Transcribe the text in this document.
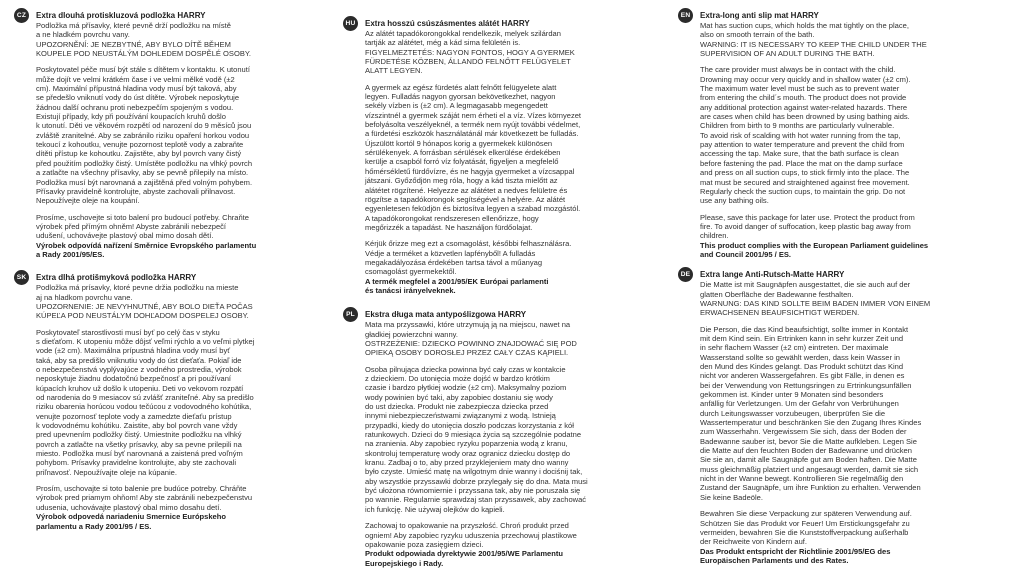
CZ	Extra dlouhá protiskluzová podložka HARRY
Podložka má přísavky, které pevně drží podložku na místě
a ne hladkém povrchu vany.
UPOZORNĚNÍ: JE NEZBYTNÉ, ABY BYLO DÍTĚ BĚHEM
KOUPELE POD NEUSTÁLÝM DOHLEDEM DOSPĚLÉ OSOBY.
Poskytovatel péče musí být stále s dítětem v kontaktu. K utonutí
může dojít ve velmi krátkém čase i ve velmi mělké vodě (±2
cm). Maximální přípustná hladina vody musí být taková, aby
se předešlo vniknutí vody do úst dítěte. Výrobek neposkytuje
žádnou další ochranu proti nebezpečím spojeným s vodou.
Existují případy, kdy při používání koupacích kruhů došlo
k utonutí. Děti ve věkovém rozpětí od narození do 9 měsíců jsou
zvláště zranitelné. Aby se zabránilo riziku opaření horkou vodou
tekoucí z kohoutku, venujte pozornost teplotě vody a zabraňte
dítěti přístup ke kohoutku. Zajistěte, aby byl povrch vany čistý
před použitím podložky čistý. Umístěte podložku na vlhký povrch
a zatlačte na všechny přísavky, aby se pevně přilepily na místo.
Podložka musí být narovnaná a zajištěná před volným pohybem.
Přísavky pravidelně kontrolujte, abyste zachovali přilnavost.
Nepoužívejte oleje na koupání.
Prosíme, uschovejte si toto balení pro budoucí potřeby. Chraňte
výrobek před přímým ohněm! Abyste zabránili nebezpečí
udušení, uchovávejte plastový obal mimo dosah dětí.
Výrobek odpovídá nařízení Směrnice Evropského parlamentu
a Rady 2001/95/ES.
SK	Extra dlhá protišmyková podložka HARRY
Podložka má prísavky, ktoré pevne držia podložku na mieste
aj na hladkom povrchu vane.
UPOZORNENIE: JE NEVYHNUTNÉ, ABY BOLO DIEŤA POČAS
KÚPEĽA POD NEUSTÁLYM DOHĽADOM DOSPELEJ OSOBY.
Poskytovateľ starostlivosti musí byť po celý čas v styku
s dieťaťom. K utopeniu môže dôjsť veľmi rýchlo a vo veľmi plytkej
vode (±2 cm). Maximálna prípustná hladina vody musí byť
taká, aby sa predišlo vniknutiu vody do úst dieťaťa. Pokiaľ ide
o nebezpečenstvá vyplývajúce z vodného prostredia, výrobok
neposkytuje žiadnu dodatočnú bezpečnosť a pri používaní
kúpacích kruhov už došlo k utopeniu. Deti vo vekovom rozpätí
od narodenia do 9 mesiacov sú zvlášť zraniteľné. Aby sa predišlo
riziku obarenia horúcou vodou tečúcou z vodovodného kohútika,
venujte pozornosť teplote vody a zamedzte dieťaťu prístup
k vodovodnému kohútiku. Zaistite, aby bol povrch vane vždy
pred upevnením podložky čistý. Umiestnite podložku na vlhký
povrch a zatlačte na všetky prísavky, aby sa pevne prilepili na
miesto. Podložka musí byť narovnaná a zaistená pred voľným
pohybom. Prísavky pravidelne kontrolujte, aby ste zachovali
priľnavosť. Nepoužívajte oleje na kúpanie.
Prosím, uschovajte si toto balenie pre budúce potreby. Chráňte
výrobok pred priamym ohňom! Aby ste zabránili nebezpečenstvu
udusenia, uchovávajte plastový obal mimo dosahu detí.
Výrobok odpovedá nariadeniu Smernice Európskeho
parlamentu a Rady 2001/95 / ES.
HU	Extra hosszú csúszásmentes alátét HARRY
Az alátét tapadókorongokkal rendelkezik, melyek szilárdan
tartják az alátétet, még a kád sima felületén is.
FIGYELMEZTETÉS: NAGYON FONTOS, HOGY A GYERMEK
FÜRDETÉSE KÖZBEN, ÁLLANDÓ FELNŐTT FELÜGYELET
ALATT LEGYEN.
A gyermek az egész fürdetés alatt felnőtt felügyelete alatt
legyen. Fulladás nagyon gyorsan bekövetkezhet, nagyon
sekély vízben is (±2 cm). A legmagasabb megengedett
vízszintnél a gyermek száját nem érheti el a víz. Vízes környezet
befolyásolta veszélyeknél, a termék nem nyújt további védelmet,
a fürdetési eszközök használatánál már következett be fulladás.
Újszülött kortól 9 hónapos korig a gyermekek különösen
sérülékenyek. A forrásban sérülések elkerülése érdekében
kerülje a csapból forró víz folyatását, figyeljen a megfelelő
hőmérsékletű fürdővízre, és ne hagyja gyermeket a vízcsappal
játszani. Győződjön meg róla, hogy a kád tiszta mielőtt az
alátétet rögzítené. Helyezze az alátétet a nedves felületre és
rögzítse a tapadókorongok segítségével a helyére. Az alátét
egyenletesen feküdjön és biztosítva legyen a szabad mozgástól.
A tapadókorongokat rendszeresen ellenőrizze, hogy
megőrizzék a tapadást. Ne használjon fürdőolajat.
Kérjük őrizze meg ezt a csomagolást, későbbi felhasználásra.
Védje a terméket a közvetlen lapfényből! A fulladás
megakadályozása érdekében tartsa távol a műanyag
csomagolást gyermekektől.
A termék megfelel a 2001/95/EK Európai parlamenti
és tanácsi irányelveknek.
PL	Ekstra długa mata antypoślizgowa HARRY
Mata ma przyssawki, które utrzymują ją na miejscu, nawet na
gładkiej powierzchni wanny.
OSTRZEŻENIE: DZIECKO POWINNO ZNAJDOWAĆ SIĘ POD
OPIEKĄ OSOBY DOROSŁEJ PRZEZ CAŁY CZAS KĄPIELI.
Osoba pilnująca dziecka powinna być cały czas w kontakcie
z dzieckiem. Do utonięcia może dojść w bardzo krótkim
czasie i bardzo płytkiej wodzie (±2 cm). Maksymalny poziom
wody powinien być taki, aby zapobiec dostaniu się wody
do ust dziecka. Produkt nie zabezpiecza dziecka przed
innymi niebezpieczeństwami związanymi z wodą. Istnieją
przypadki, kiedy do utonięcia doszło podczas korzystania z kół
ratunkowych. Dzieci do 9 miesiąca życia są szczególnie podatne
na zranienia. Aby zapobiec ryzyku poparzenia wodą z kranu,
skontroluj temperaturę wody oraz ogranicz dziecku dostęp do
kranu. Zadbaj o to, aby przed przyklejeniem maty dno wanny
było czyste. Umieść matę na wilgotnym dnie wanny i dociśnij tak,
aby wszystkie przyssawki dobrze przylegały się do dna. Mata musi
być ułożona równomiernie i przyssana tak, aby nie poruszała się
po wannie. Regularnie sprawdzaj stan przyssawek, aby zachować
ich funkcję. Nie używaj olejków do kąpieli.
Zachowaj to opakowanie na przyszłość. Chroń produkt przed
ogniem! Aby zapobiec ryzyku uduszenia przechowuj plastikowe
opakowanie poza zasięgiem dzieci.
Produkt odpowiada dyrektywie 2001/95/WE Parlamentu
Europejskiego i Rady.
EN	Extra-long anti slip mat HARRY
Mat has suction cups, which holds the mat tightly on the place,
also on smooth terrain of the bath.
WARNING: IT IS NECESSARY TO KEEP THE CHILD UNDER THE
SUPERVISION OF AN ADULT DURING THE BATH.
The care provider must always be in contact with the child.
Drowning may occur very quickly and in shallow water (±2 cm).
The maximum water level must be such as to prevent water
from entering the child´s mouth. The product does not provide
any additional protection against water-related hazards. There
are cases when child has been drowned by using bathing aids.
Children from birth to 9 months are particularly vulnerable.
To avoid risk of scalding with hot water running from the tap,
pay attention to water temperature and prevent the child from
accessing the tap. Make sure, that the bath surface is clean
before fastening the pad. Place the mat on the damp surface
and press on all suction cups, to stick firmly into the place. The
mat must be secured and straightened against free movement.
Regularly check the suction cups, to maintain the grip. Do not
use any bathing oils.
Please, save this package for later use. Protect the product from
fire. To avoid danger of suffocation, keep plastic bag away from
children.
This product complies with the European Parliament guidelines
and Council 2001/95 / ES.
DE	Extra lange Anti-Rutsch-Matte HARRY
Die Matte ist mit Saugnäpfen ausgestattet, die sie auch auf der
glatten Oberfläche der Badewanne festhalten.
WARNUNG: DAS KIND SOLLTE BEIM BADEN IMMER VON EINEM
ERWACHSENEN BEAUFSICHTIGT WERDEN.
Die Person, die das Kind beaufsichtigt, sollte immer in Kontakt
mit dem Kind sein. Ein Ertrinken kann in sehr kurzer Zeit und
in sehr flachem Wasser (±2 cm) eintreten. Der maximale
Wasserstand sollte so gewählt werden, dass kein Wasser in
den Mund des Kindes gelangt. Das Produkt schützt das Kind
nicht vor anderen Wassergefahren. Es gibt Fälle, in denen es
bei der Verwendung von Rettungsringen zu Ertrinkungsunfällen
gekommen ist. Kinder unter 9 Monaten sind besonders
anfällig für Verletzungen. Um der Gefahr von Verbrühungen
durch Leitungswasser vorzubeugen, überprüfen Sie die
Wassertemperatur und beschränken Sie den Zugang Ihres Kindes
zum Wasserhahn. Vergewissern Sie sich, dass der Boden der
Badewanne sauber ist, bevor Sie die Matte aufkleben. Legen Sie
die Matte auf den feuchten Boden der Badewanne und drücken
Sie sie an, damit alle Saugnäpfe gut am Boden haften. Die Matte
muss gleichmäßig platziert und angesaugt werden, damit sie sich
nicht in der Wanne bewegt. Kontrollieren Sie regelmäßig den
Zustand der Saugnäpfe, um ihre Funktion zu erhalten. Verwenden
Sie keine Badeöle.
Bewahren Sie diese Verpackung zur späteren Verwendung auf.
Schützen Sie das Produkt vor Feuer! Um Erstickungsgefahr zu
vermeiden, bewahren Sie die Kunststoffverpackung außerhalb
der Reichweite von Kindern auf.
Das Produkt entspricht der Richtlinie 2001/95/EG des
Europäischen Parlaments und des Rates.
